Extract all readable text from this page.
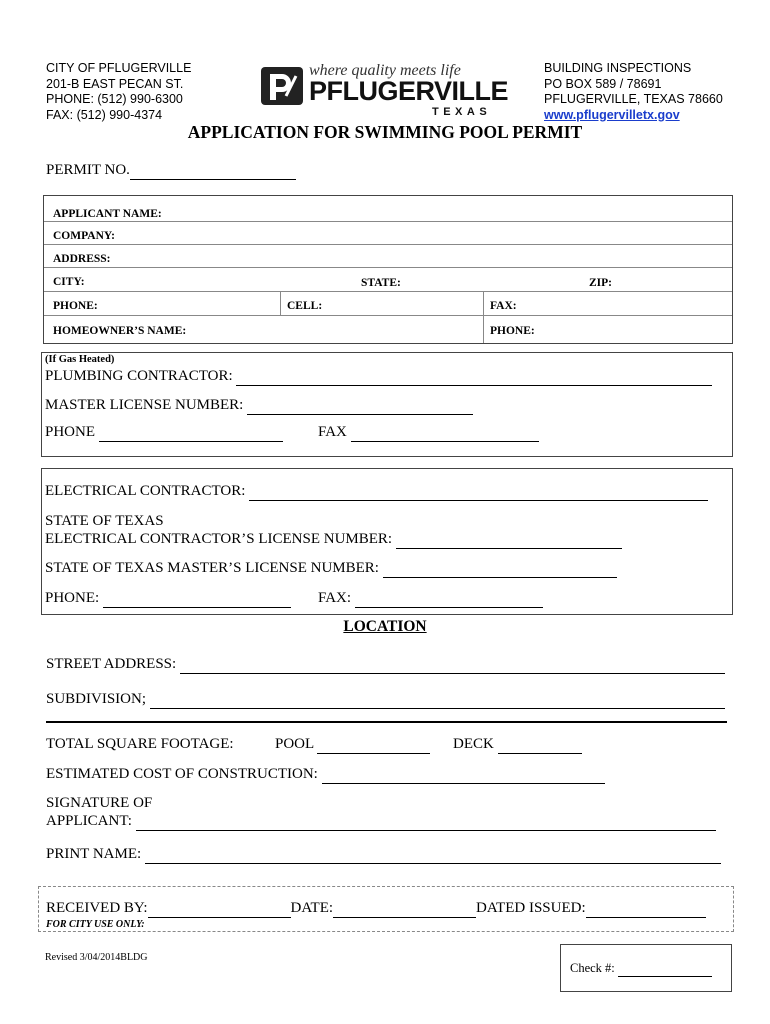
CITY OF PFLUGERVILLE
201-B EAST PECAN ST.
PHONE: (512) 990-6300
FAX: (512) 990-4374
where quality meets life
PFLUGERVILLE
TEXAS
BUILDING INSPECTIONS
PO BOX 589 / 78691
PFLUGERVILLE, TEXAS 78660
www.pflugervilletx.gov
APPLICATION FOR SWIMMING POOL PERMIT
PERMIT NO.
APPLICANT NAME:
COMPANY:
ADDRESS:
CITY:	STATE:	ZIP:
PHONE:	CELL:	FAX:
HOMEOWNER’S NAME:	PHONE:
(If Gas Heated)
PLUMBING CONTRACTOR:
MASTER LICENSE NUMBER:
PHONE	FAX
ELECTRICAL CONTRACTOR:
STATE OF TEXAS
ELECTRICAL CONTRACTOR’S LICENSE NUMBER:
STATE OF TEXAS MASTER’S LICENSE NUMBER:
PHONE:	FAX:
LOCATION
STREET ADDRESS:
SUBDIVISION;
TOTAL SQUARE FOOTAGE:	POOL	DECK
ESTIMATED COST OF CONSTRUCTION:
SIGNATURE OF
APPLICANT:
PRINT NAME:
RECEIVED BY:	DATE:	DATED ISSUED:
FOR CITY USE ONLY:
Revised 3/04/2014BLDG
Check #:
